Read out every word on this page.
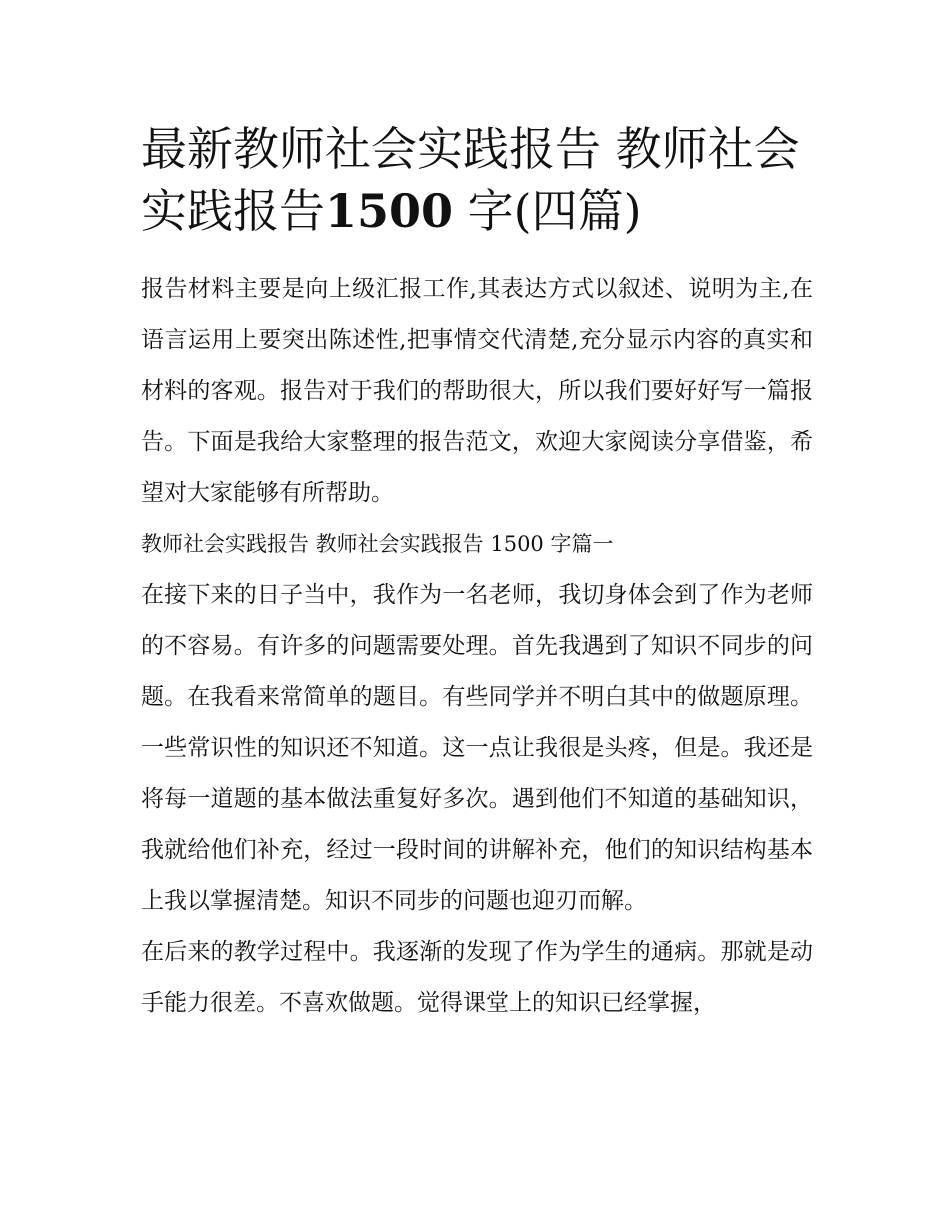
最新教师社会实践报告 教师社会实践报告1500 字(四篇)

报告材料主要是向上级汇报工作,其表达方式以叙述、说明为主,在语言运用上要突出陈述性,把事情交代清楚,充分显示内容的真实和材料的客观。报告对于我们的帮助很大，所以我们要好好写一篇报告。下面是我给大家整理的报告范文，欢迎大家阅读分享借鉴，希望对大家能够有所帮助。

教师社会实践报告 教师社会实践报告 1500 字篇一

在接下来的日子当中，我作为一名老师，我切身体会到了作为老师的不容易。有许多的问题需要处理。首先我遇到了知识不同步的问题。在我看来常简单的题目。有些同学并不明白其中的做题原理。一些常识性的知识还不知道。这一点让我很是头疼，但是。我还是将每一道题的基本做法重复好多次。遇到他们不知道的基础知识，我就给他们补充，经过一段时间的讲解补充，他们的知识结构基本上我以掌握清楚。知识不同步的问题也迎刃而解。

在后来的教学过程中。我逐渐的发现了作为学生的通病。那就是动手能力很差。不喜欢做题。觉得课堂上的知识已经掌握，
